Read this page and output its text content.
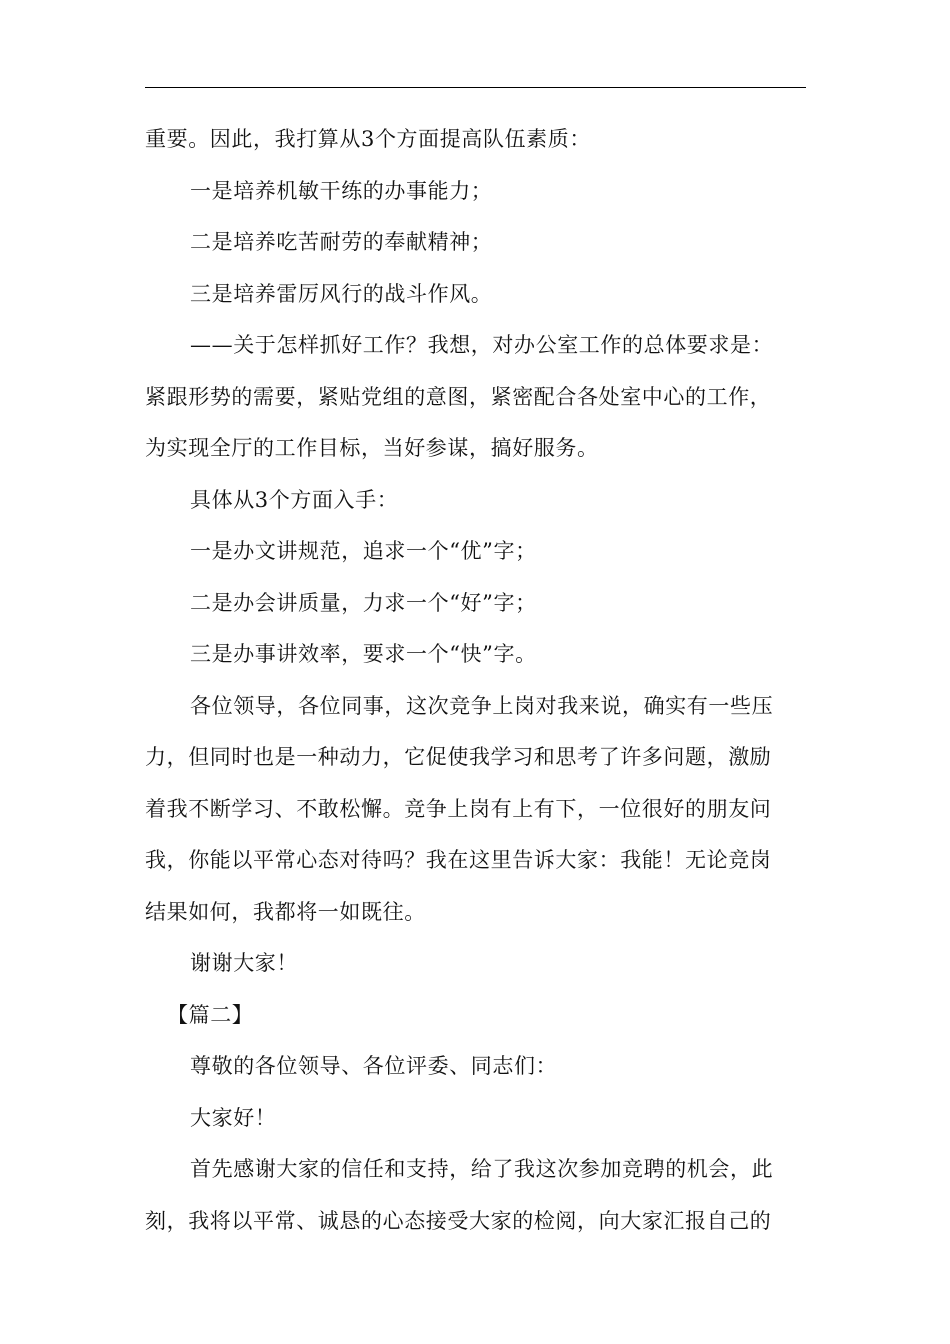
重要。因此，我打算从3个方面提高队伍素质：
一是培养机敏干练的办事能力；
二是培养吃苦耐劳的奉献精神；
三是培养雷厉风行的战斗作风。
——关于怎样抓好工作？我想，对办公室工作的总体要求是：
紧跟形势的需要，紧贴党组的意图，紧密配合各处室中心的工作，
为实现全厅的工作目标，当好参谋，搞好服务。
具体从3个方面入手：
一是办文讲规范，追求一个“优”字；
二是办会讲质量，力求一个“好”字；
三是办事讲效率，要求一个“快”字。
各位领导，各位同事，这次竞争上岗对我来说，确实有一些压
力，但同时也是一种动力，它促使我学习和思考了许多问题，激励
着我不断学习、不敢松懈。竞争上岗有上有下，一位很好的朋友问
我，你能以平常心态对待吗？我在这里告诉大家：我能！无论竞岗
结果如何，我都将一如既往。
谢谢大家！
【篇二】
尊敬的各位领导、各位评委、同志们：
大家好！
首先感谢大家的信任和支持，给了我这次参加竞聘的机会，此
刻，我将以平常、诚恳的心态接受大家的检阅，向大家汇报自己的
